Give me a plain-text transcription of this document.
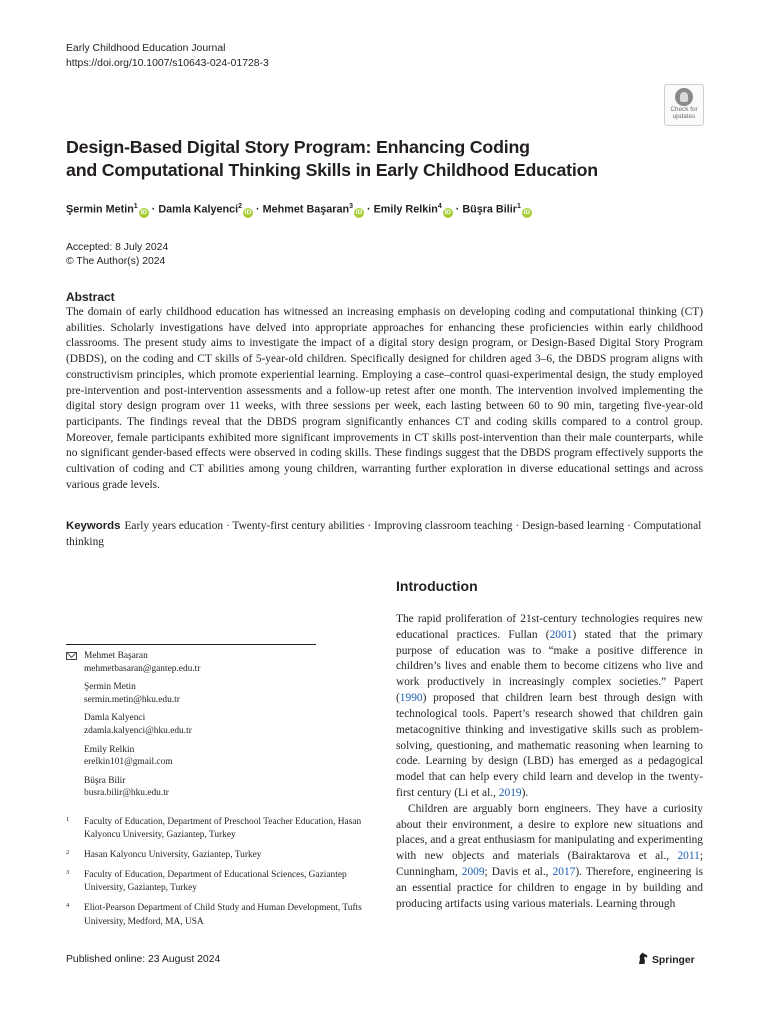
Early Childhood Education Journal
https://doi.org/10.1007/s10643-024-01728-3
Check for
updates
Design-Based Digital Story Program: Enhancing Coding
and Computational Thinking Skills in Early Childhood Education
Şermin Metin$^1$iD · Damla Kalyenci$^2$iD · Mehmet Başaran$^3$iD · Emily Relkin$^4$iD · Büşra Bilir$^1$iD
Accepted: 8 July 2024
© The Author(s) 2024
Abstract
The domain of early childhood education has witnessed an increasing emphasis on developing coding and computational thinking (CT) abilities. Scholarly investigations have delved into appropriate approaches for enhancing these proficiencies within early childhood classrooms. The present study aims to investigate the impact of a digital story design program, or Design-Based Digital Story Program (DBDS), on the coding and CT skills of 5-year-old children. Specifically designed for children aged 3–6, the DBDS program aligns with constructivism principles, which promote experiential learning. Employing a case–control quasi-experimental design, the study employed pre-intervention and post-intervention assessments and a follow-up retest after one month. The intervention involved implementing the digital story design program over 11 weeks, with three sessions per week, each lasting between 60 to 90 min, targeting five-year-old participants. The findings reveal that the DBDS program significantly enhances CT and coding skills compared to a control group. Moreover, female participants exhibited more significant improvements in CT skills post-intervention than their male counterparts, while no significant gender-based effects were observed in coding skills. These findings suggest that the DBDS program effectively supports the cultivation of coding and CT abilities among young children, warranting further exploration in diverse educational settings and across various grade levels.
Keywords Early years education · Twenty-first century abilities · Improving classroom teaching · Design-based learning · Computational thinking
Introduction

The rapid proliferation of 21st-century technologies requires new educational practices. Fullan (2001) stated that the primary purpose of education was to “make a positive difference in children’s lives and enable them to become citizens who live and work productively in increasingly complex societies.” Papert (1990) proposed that children learn best through design with technological tools. Papert’s research showed that children gain metacognitive thinking and investigative skills such as problem-solving, questioning, and mathematic reasoning when learning to code. Learning by design (LBD) has emerged as a pedagogical model that can help every child learn and develop in the twenty-first century (Li et al., 2019).

Children are arguably born engineers. They have a curiosity about their environment, a desire to explore new situations and places, and a great enthusiasm for manipulating and experimenting with new objects and materials (Bairaktarova et al., 2011; Cunningham, 2009; Davis et al., 2017). Therefore, engineering is an essential practice for children to engage in by building and producing artifacts using various materials. Learning through

Mehmet Başaran
mehmetbasaran@gantep.edu.tr
Şermin Metin
sermin.metin@hku.edu.tr
Damla Kalyenci
zdamla.kalyenci@hku.edu.tr
Emily Relkin
erelkin101@gmail.com
Büşra Bilir
busra.bilir@hku.edu.tr
1 Faculty of Education, Department of Preschool Teacher Education, Hasan Kalyoncu University, Gaziantep, Turkey
2 Hasan Kalyoncu University, Gaziantep, Turkey
3 Faculty of Education, Department of Educational Sciences, Gaziantep University, Gaziantep, Turkey
4 Eliot-Pearson Department of Child Study and Human Development, Tufts University, Medford, MA, USA
Published online: 23 August 2024	Springer
